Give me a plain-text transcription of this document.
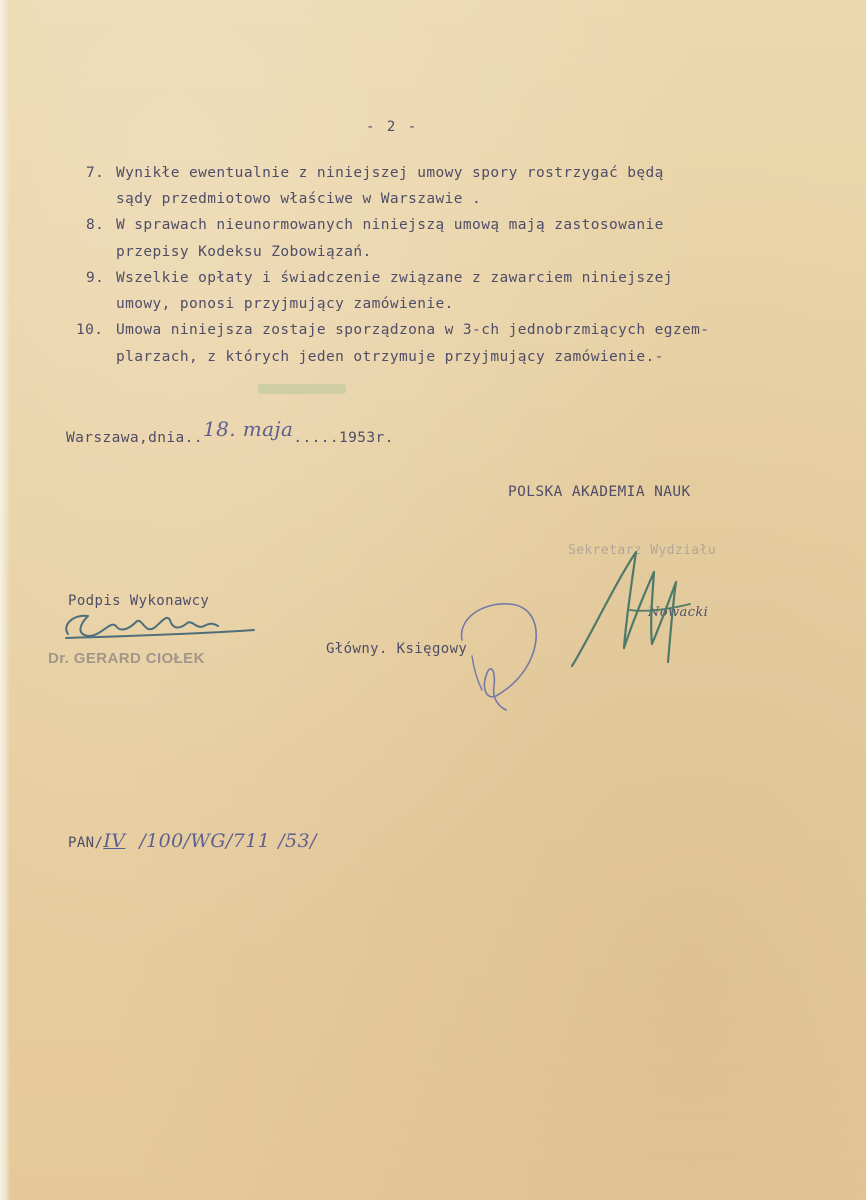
- 2 -
7. Wynikłe ewentualnie z niniejszej umowy spory rostrzygać będą
sądy przedmiotowo właściwe w Warszawie .
8. W sprawach nieunormowanych niniejszą umową mają zastosowanie
przepisy Kodeksu Zobowiązań.
9. Wszelkie opłaty i świadczenie związane z zawarciem niniejszej
umowy, ponosi przyjmujący zamówienie.
10. Umowa niniejsza zostaje sporządzona w 3-ch jednobrzmiących egzem-
plarzach, z których jeden otrzymuje przyjmujący zamówienie.-
Warszawa,dnia..18. maja.....1953r.
POLSKA AKADEMIA NAUK
Sekretarz Wydziału
Nowacki
Podpis Wykonawcy
Dr. GERARD CIOŁEK
Główny. Księgowy
PAN/IV /100/WG/711 /53/
